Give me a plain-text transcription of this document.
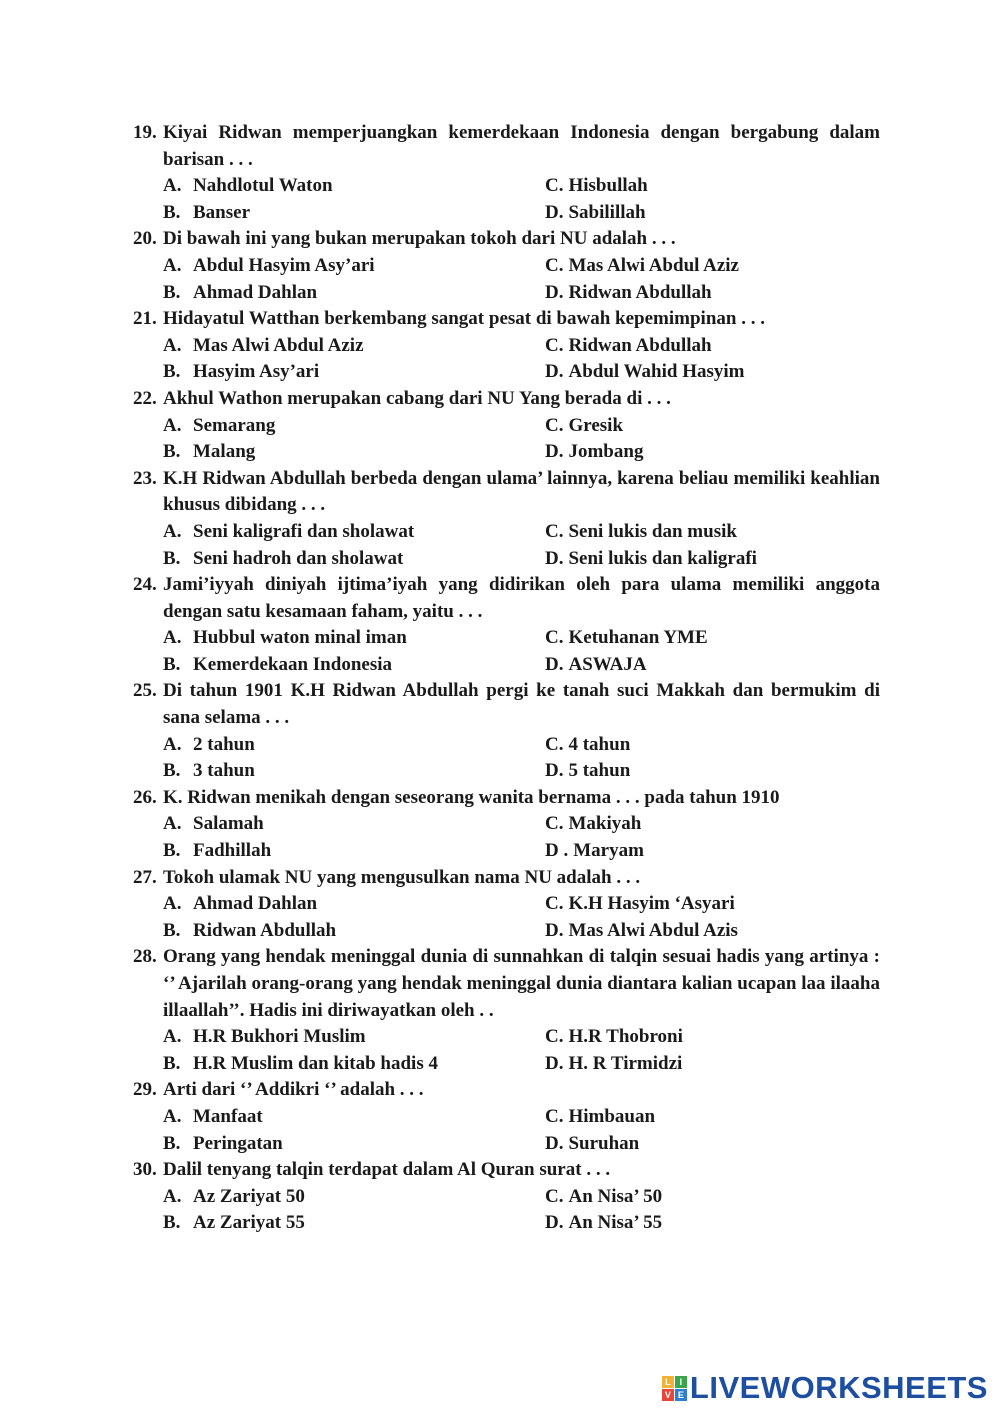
19. Kiyai Ridwan memperjuangkan kemerdekaan Indonesia dengan bergabung dalam barisan . . .
A. Nahdlotul Waton	C. Hisbullah
B. Banser	D. Sabilillah
20. Di bawah ini yang bukan merupakan tokoh dari NU adalah . . .
A. Abdul Hasyim Asy’ari	C. Mas Alwi Abdul Aziz
B. Ahmad Dahlan	D. Ridwan Abdullah
21. Hidayatul Watthan berkembang sangat pesat di bawah kepemimpinan . . .
A. Mas Alwi Abdul Aziz	C. Ridwan Abdullah
B. Hasyim Asy’ari	D. Abdul Wahid Hasyim
22. Akhul Wathon merupakan cabang dari NU Yang berada di . . .
A. Semarang	C. Gresik
B. Malang	D. Jombang
23. K.H Ridwan Abdullah berbeda dengan ulama’ lainnya, karena beliau memiliki keahlian khusus dibidang . . .
A. Seni kaligrafi dan sholawat	C. Seni lukis dan musik
B. Seni hadroh dan sholawat	D. Seni lukis dan kaligrafi
24. Jami’iyyah diniyah ijtima’iyah yang didirikan oleh para ulama memiliki anggota dengan satu kesamaan faham, yaitu . . .
A. Hubbul waton minal iman	C. Ketuhanan YME
B. Kemerdekaan Indonesia	D. ASWAJA
25. Di tahun 1901 K.H Ridwan Abdullah pergi ke tanah suci Makkah dan bermukim di sana selama . . .
A. 2 tahun	C. 4 tahun
B. 3 tahun	D. 5 tahun
26. K. Ridwan menikah dengan seseorang wanita bernama . . . pada tahun 1910
A. Salamah	C. Makiyah
B. Fadhillah	D . Maryam
27. Tokoh ulamak NU yang mengusulkan nama NU adalah . . .
A. Ahmad Dahlan	C. K.H Hasyim ‘Asyari
B. Ridwan Abdullah	D. Mas Alwi Abdul Azis
28. Orang yang hendak meninggal dunia di sunnahkan di talqin sesuai hadis yang artinya : ‘’ Ajarilah orang-orang yang hendak meninggal dunia diantara kalian ucapan laa ilaaha illaallah’’. Hadis ini diriwayatkan oleh . .
A. H.R Bukhori Muslim	C. H.R Thobroni
B. H.R Muslim dan kitab hadis 4	D. H. R Tirmidzi
29. Arti dari ‘’ Addikri ‘’ adalah . . .
A. Manfaat	C. Himbauan
B. Peringatan	D. Suruhan
30. Dalil tenyang talqin terdapat dalam Al Quran surat . . .
A. Az Zariyat 50	C. An Nisa’ 50
B. Az Zariyat 55	D. An Nisa’ 55
L I
V E LIVEWORKSHEETS
